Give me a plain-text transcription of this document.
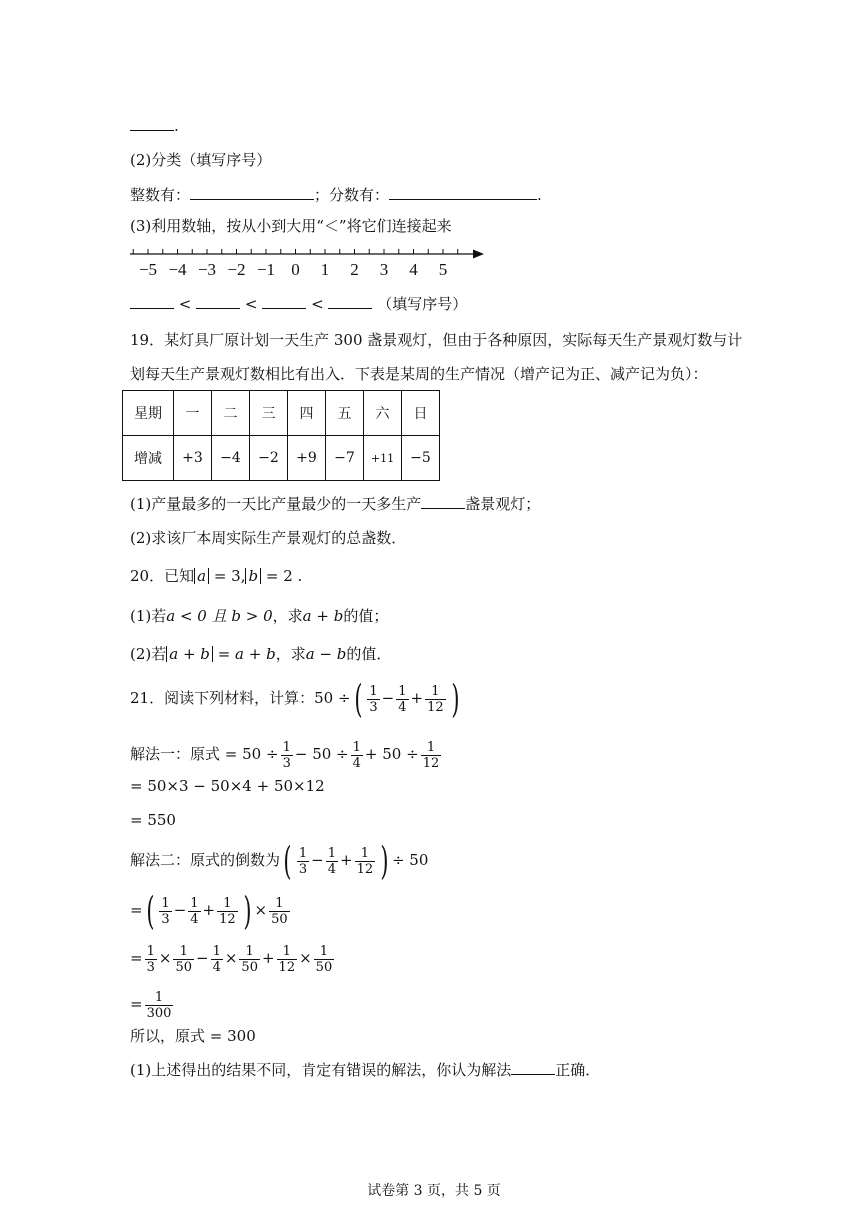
.
(2)分类（填写序号）
整数有：	；分数有：	.
(3)利用数轴，按从小到大用“＜”将它们连接起来
−5 −4 −3 −2 −1 0 1 2 3 4 5
<	<	<	（填写序号）
19．某灯具厂原计划一天生产 300 盏景观灯，但由于各种原因，实际每天生产景观灯数与计
划每天生产景观灯数相比有出入．下表是某周的生产情况（增产记为正、减产记为负）：
星期	一	二	三	四	五	六	日
增减	+3	−4	−2	+9	−7	+11	−5
(1)产量最多的一天比产量最少的一天多生产	盏景观灯；
(2)求该厂本周实际生产景观灯的总盏数．
20．已知 a = 3, b = 2 .
(1)若a < 0 且 b > 0，求a + b的值；
(2)若 a + b = a + b，求a − b的值．
21．阅读下列材料，计算：50 ÷( $\frac{1}{3} - \frac{1}{4} + \frac{1}{12}$ )
解法一：原式 = $50 \div \frac{1}{3} - 50 \div \frac{1}{4} + 50 \div \frac{1}{12}$
= 50×3 − 50×4 + 50×12
= 550
解法二：原式的倒数为( $\frac{1}{3} - \frac{1}{4} + \frac{1}{12}$ ) ÷ 50
=( $\frac{1}{3} - \frac{1}{4} + \frac{1}{12}$ ) × $\frac{1}{50}$
= $\frac{1}{3} \times \frac{1}{50} - \frac{1}{4} \times \frac{1}{50} + \frac{1}{12} \times \frac{1}{50}$
= $\frac{1}{300}$
所以，原式 = 300
(1)上述得出的结果不同，肯定有错误的解法，你认为解法	正确．
试卷第 3 页，共 5 页
